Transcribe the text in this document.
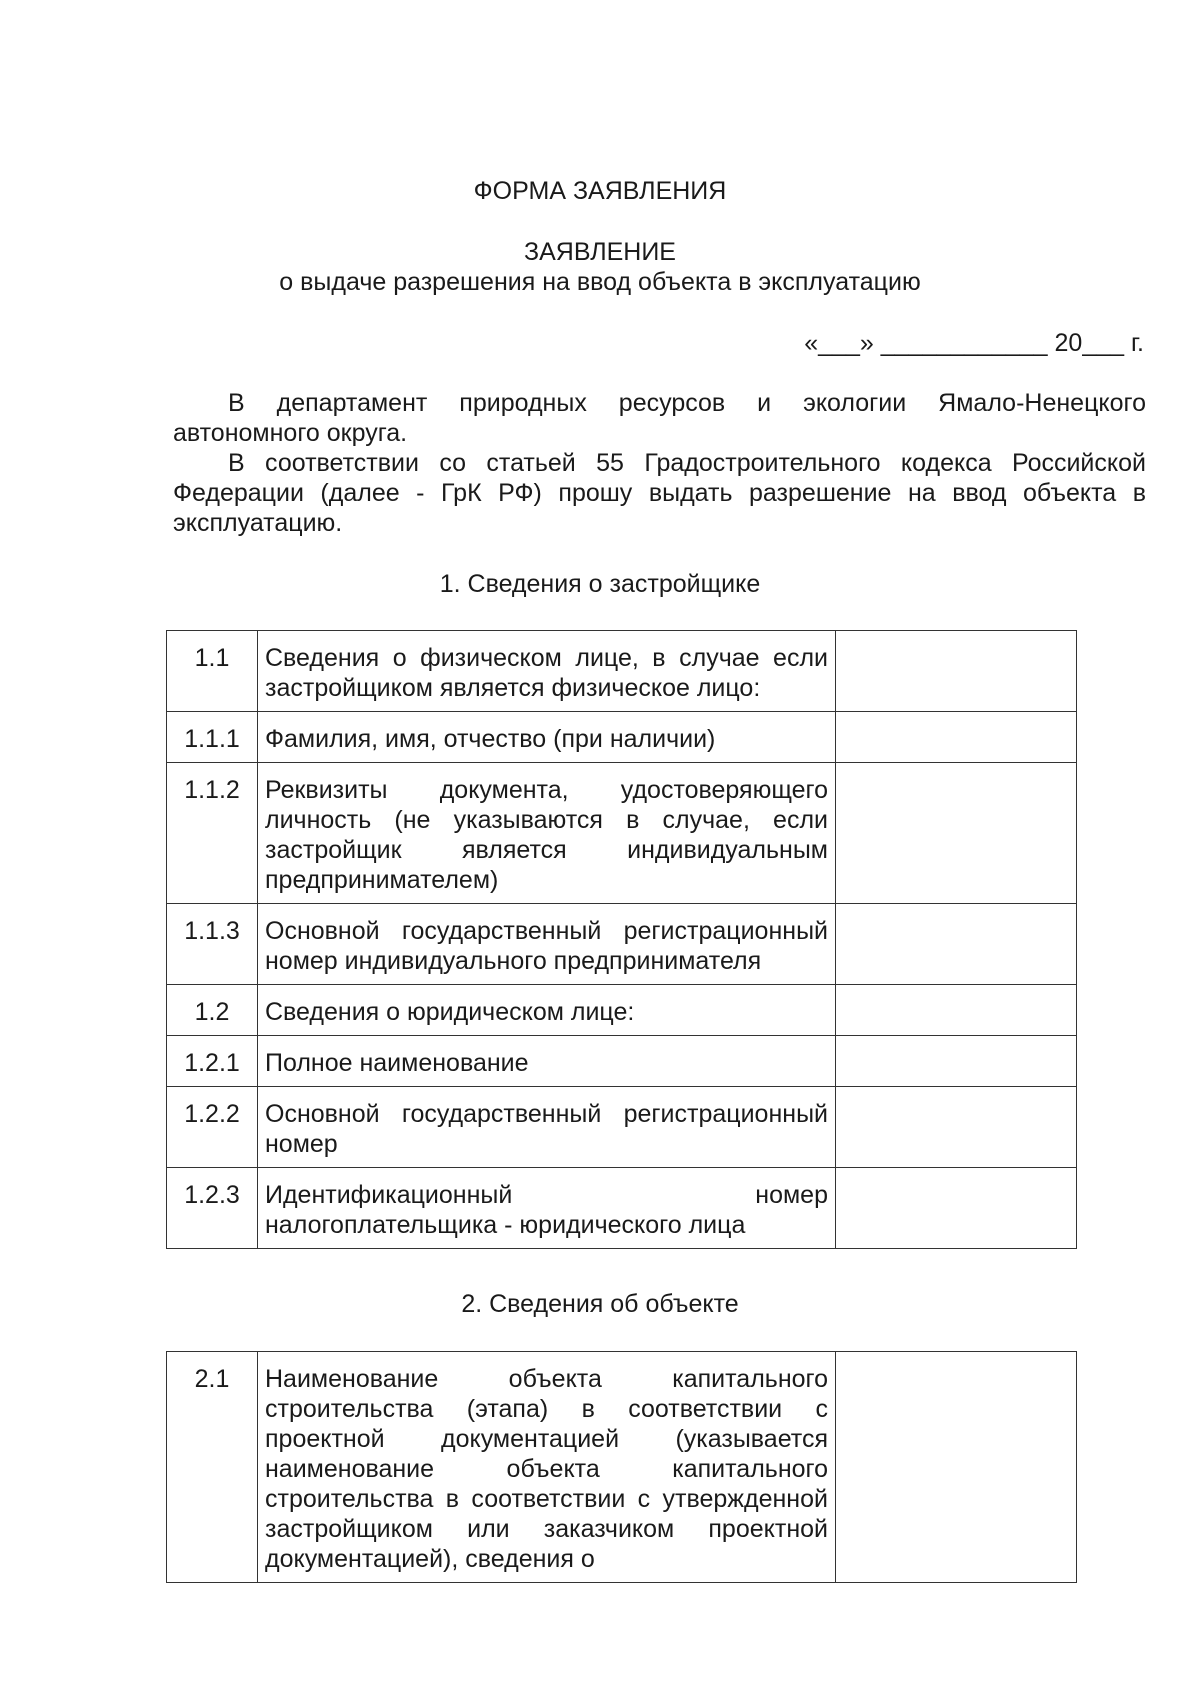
ФОРМА ЗАЯВЛЕНИЯ
ЗАЯВЛЕНИЕ
о выдаче разрешения на ввод объекта в эксплуатацию
«___» ____________ 20___ г.

В департамент природных ресурсов и экологии Ямало-Ненецкого автономного округа.

В соответствии со статьей 55 Градостроительного кодекса Российской Федерации (далее - ГрК РФ) прошу выдать разрешение на ввод объекта в эксплуатацию.

1. Сведения о застройщике
1.1	Сведения о физическом лице, в случае если застройщиком является физическое лицо:	
1.1.1	Фамилия, имя, отчество (при наличии)	
1.1.2	Реквизиты документа, удостоверяющего личность (не указываются в случае, если застройщик является индивидуальным предпринимателем)	
1.1.3	Основной государственный регистрационный номер индивидуального предпринимателя	
1.2	Сведения о юридическом лице:	
1.2.1	Полное наименование	
1.2.2	Основной государственный регистрационный номер	
1.2.3	Идентификационный номер налогоплательщика - юридического лица	
2. Сведения об объекте
2.1	Наименование объекта капитального строительства (этапа) в соответствии с проектной документацией (указывается наименование объекта капитального строительства в соответствии с утвержденной застройщиком или заказчиком проектной документацией), сведения о	
